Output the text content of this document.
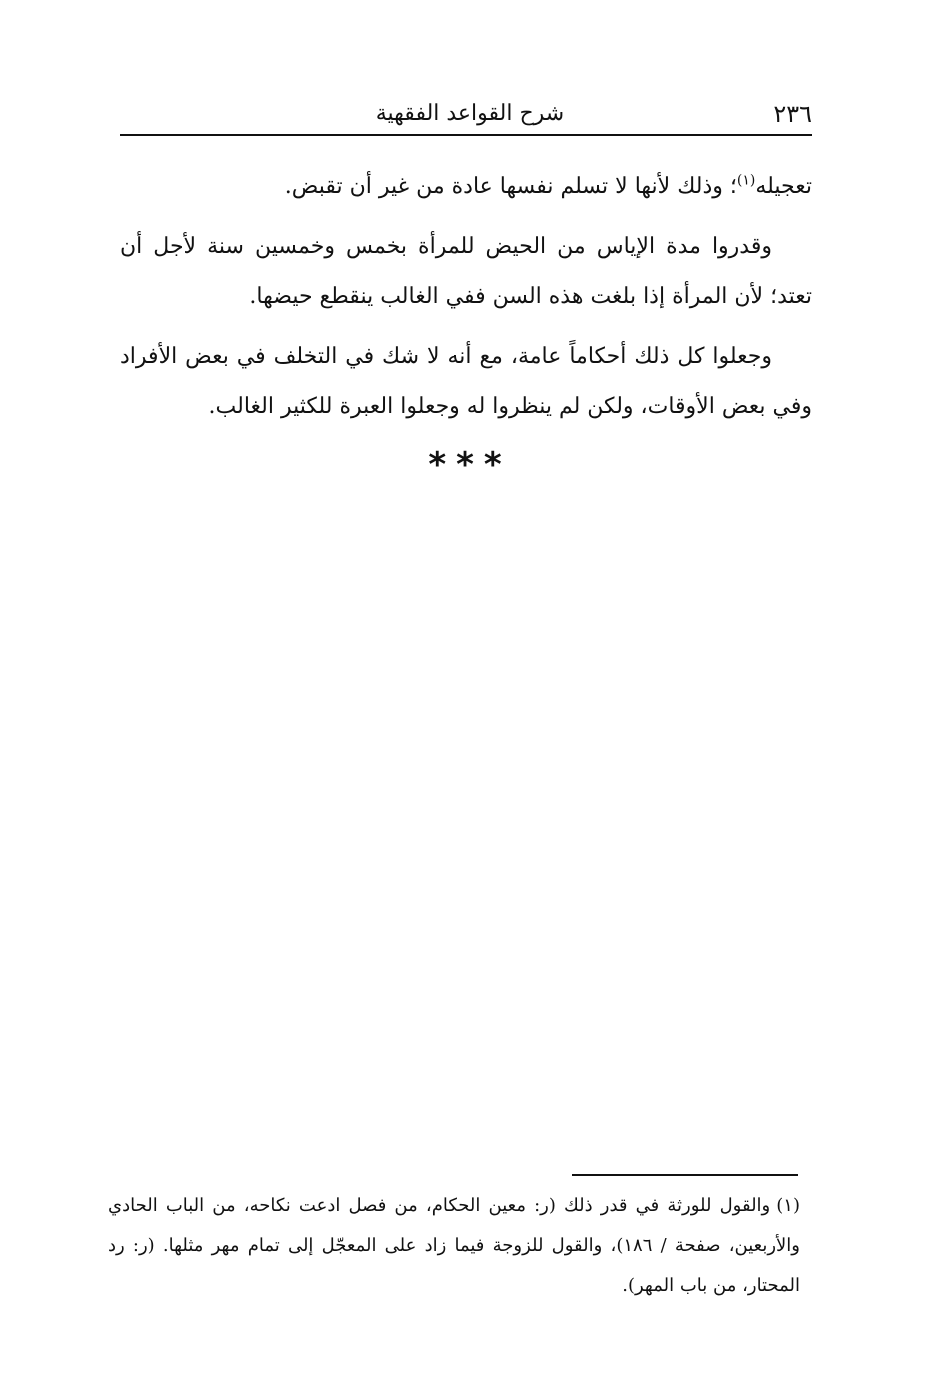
٢٣٦
شرح القواعد الفقهية

تعجيله$^{(١)}$؛ وذلك لأنها لا تسلم نفسها عادة من غير أن تقبض.

وقدروا مدة الإياس من الحيض للمرأة بخمس وخمسين سنة لأجل أن تعتد؛ لأن المرأة إذا بلغت هذه السن ففي الغالب ينقطع حيضها.

وجعلوا كل ذلك أحكاماً عامة، مع أنه لا شك في التخلف في بعض الأفراد وفي بعض الأوقات، ولكن لم ينظروا له وجعلوا العبرة للكثير الغالب.

***
(١)والقول للورثة في قدر ذلك (ر: معين الحكام، من فصل ادعت نكاحه، من الباب الحادي والأربعين، صفحة / ١٨٦)، والقول للزوجة فيما زاد على المعجّل إلى تمام مهر مثلها. (ر: رد المحتار، من باب المهر).
